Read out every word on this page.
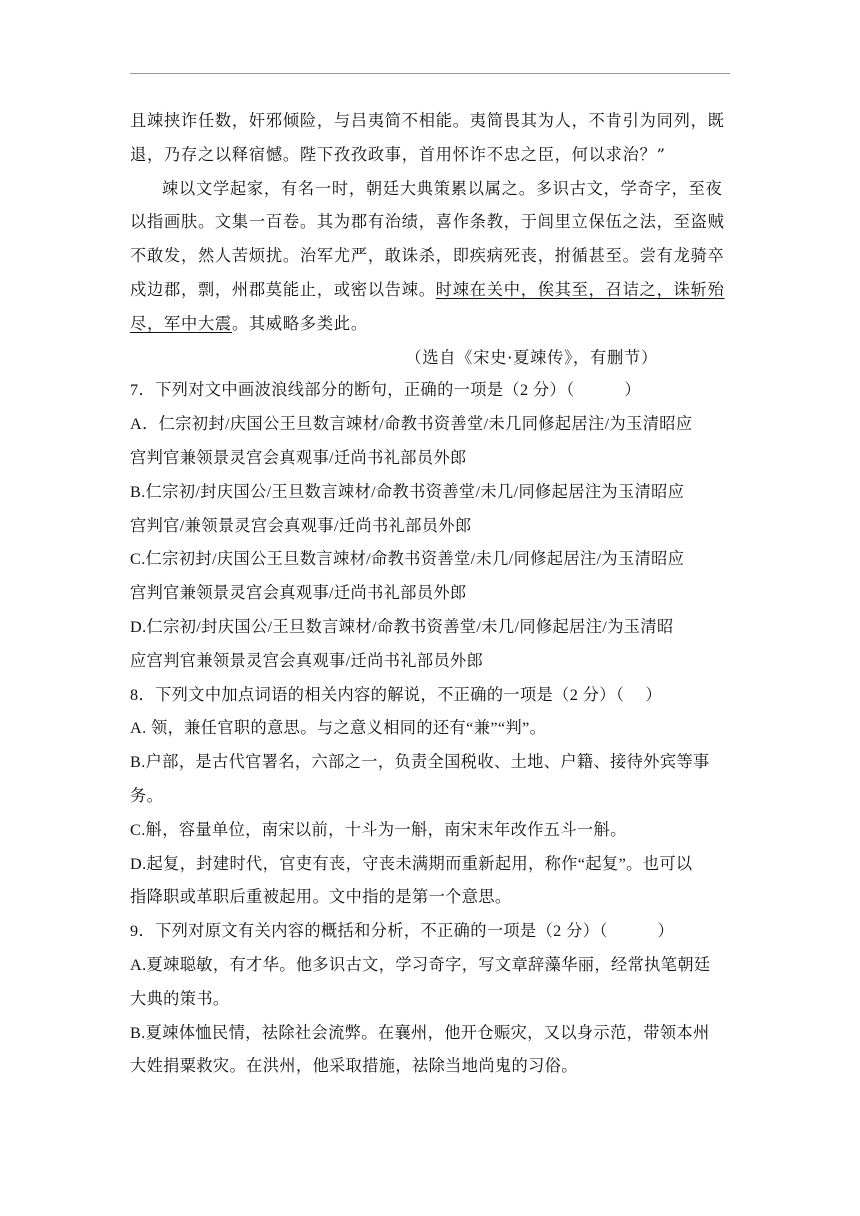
且竦挟诈任数，奸邪倾险，与吕夷简不相能。夷简畏其为人，不肯引为同列，既
退，乃存之以释宿憾。陛下孜孜政事，首用怀诈不忠之臣，何以求治？”
竦以文学起家，有名一时，朝廷大典策累以属之。多识古文，学奇字，至夜
以指画肤。文集一百卷。其为郡有治绩，喜作条教，于闾里立保伍之法，至盗贼
不敢发，然人苦烦扰。治军尤严，敢诛杀，即疾病死丧，拊循甚至。尝有龙骑卒
戍边郡，剽，州郡莫能止，或密以告竦。时竦在关中，俟其至，召诘之，诛斩殆
尽，军中大震。其威略多类此。
（选自《宋史·夏竦传》，有删节）
7．下列对文中画波浪线部分的断句，正确的一项是（2 分）（　　　）
A．仁宗初封/庆国公王旦数言竦材/命教书资善堂/未几同修起居注/为玉清昭应
宫判官兼领景灵宫会真观事/迁尚书礼部员外郎
B.仁宗初/封庆国公/王旦数言竦材/命教书资善堂/未几/同修起居注为玉清昭应
宫判官/兼领景灵宫会真观事/迁尚书礼部员外郎
C.仁宗初封/庆国公王旦数言竦材/命教书资善堂/未几/同修起居注/为玉清昭应
宫判官兼领景灵宫会真观事/迁尚书礼部员外郎
D.仁宗初/封庆国公/王旦数言竦材/命教书资善堂/未几/同修起居注/为玉清昭
应宫判官兼领景灵宫会真观事/迁尚书礼部员外郎
8．下列文中加点词语的相关内容的解说，不正确的一项是（2 分）（　 ）
A. 领，兼任官职的意思。与之意义相同的还有“兼”“判”。
B.户部，是古代官署名，六部之一，负责全国税收、土地、户籍、接待外宾等事
务。
C.斛，容量单位，南宋以前，十斗为一斛，南宋末年改作五斗一斛。
D.起复，封建时代，官吏有丧，守丧未满期而重新起用，称作“起复”。也可以
指降职或革职后重被起用。文中指的是第一个意思。
9．下列对原文有关内容的概括和分析，不正确的一项是（2 分）（　　　）
A.夏竦聪敏，有才华。他多识古文，学习奇字，写文章辞藻华丽，经常执笔朝廷
大典的策书。
B.夏竦体恤民情，祛除社会流弊。在襄州，他开仓赈灾，又以身示范，带领本州
大姓捐粟救灾。在洪州，他采取措施，祛除当地尚鬼的习俗。
